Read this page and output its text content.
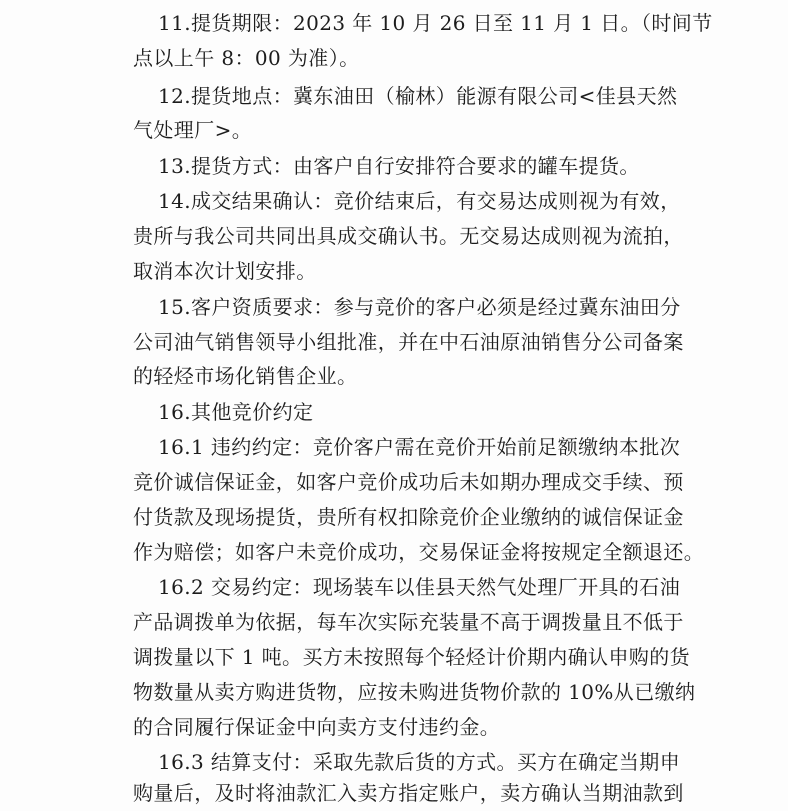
11.提货期限：2023 年 10 月 26 日至 11 月 1 日。（时间节
点以上午 8：00 为准）。
12.提货地点：冀东油田（榆林）能源有限公司<佳县天然
气处理厂>。
13.提货方式：由客户自行安排符合要求的罐车提货。
14.成交结果确认：竞价结束后，有交易达成则视为有效，
贵所与我公司共同出具成交确认书。无交易达成则视为流拍，
取消本次计划安排。
15.客户资质要求：参与竞价的客户必须是经过冀东油田分
公司油气销售领导小组批准，并在中石油原油销售分公司备案
的轻烃市场化销售企业。
16.其他竞价约定
16.1 违约约定：竞价客户需在竞价开始前足额缴纳本批次
竞价诚信保证金，如客户竞价成功后未如期办理成交手续、预
付货款及现场提货，贵所有权扣除竞价企业缴纳的诚信保证金
作为赔偿；如客户未竞价成功，交易保证金将按规定全额退还。
16.2 交易约定：现场装车以佳县天然气处理厂开具的石油
产品调拨单为依据，每车次实际充装量不高于调拨量且不低于
调拨量以下 1 吨。买方未按照每个轻烃计价期内确认申购的货
物数量从卖方购进货物，应按未购进货物价款的 10%从已缴纳
的合同履行保证金中向卖方支付违约金。
16.3 结算支付：采取先款后货的方式。买方在确定当期申
购量后，及时将油款汇入卖方指定账户，卖方确认当期油款到
